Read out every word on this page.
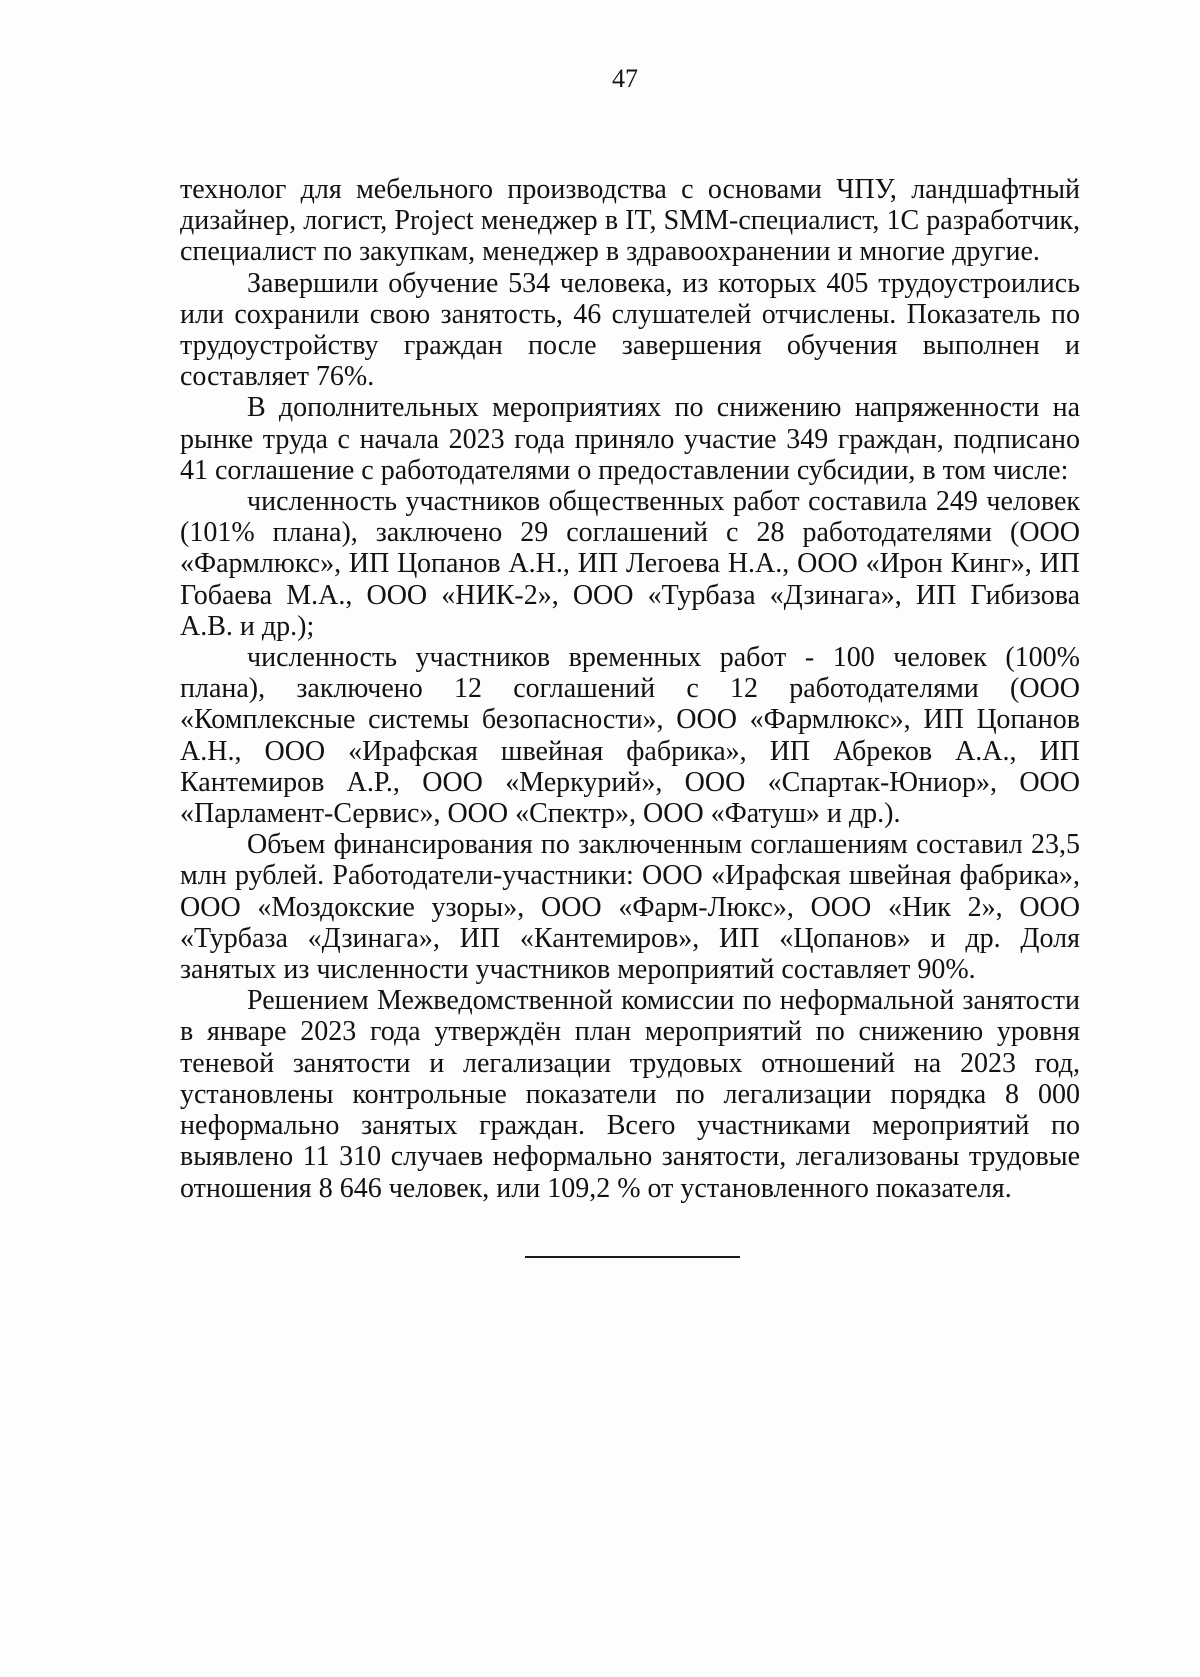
47

технолог для мебельного производства с основами ЧПУ, ландшафтный дизайнер, логист, Project менеджер в IT, SMM-специалист, 1С разработчик, специалист по закупкам, менеджер в здравоохранении и многие другие.

Завершили обучение 534 человека, из которых 405 трудоустроились или сохранили свою занятость, 46 слушателей отчислены. Показатель по трудоустройству граждан после завершения обучения выполнен и составляет 76%.

В дополнительных мероприятиях по снижению напряженности на рынке труда с начала 2023 года приняло участие 349 граждан, подписано 41 соглашение с работодателями о предоставлении субсидии, в том числе:

численность участников общественных работ составила 249 человек (101% плана), заключено 29 соглашений с 28 работодателями (ООО «Фармлюкс», ИП Цопанов А.Н., ИП Легоева Н.А., ООО «Ирон Кинг», ИП Гобаева М.А., ООО «НИК-2», ООО «Турбаза «Дзинага», ИП Гибизова А.В. и др.);

численность участников временных работ - 100 человек (100% плана), заключено 12 соглашений с 12 работодателями (ООО «Комплексные системы безопасности», ООО «Фармлюкс», ИП Цопанов А.Н., ООО «Ирафская швейная фабрика», ИП Абреков А.А., ИП Кантемиров А.Р., ООО «Меркурий», ООО «Спартак-Юниор», ООО «Парламент-Сервис», ООО «Спектр», ООО «Фатуш» и др.).

Объем финансирования по заключенным соглашениям составил 23,5 млн рублей. Работодатели-участники: ООО «Ирафская швейная фабрика», ООО «Моздокские узоры», ООО «Фарм-Люкс», ООО «Ник 2», ООО «Турбаза «Дзинага», ИП «Кантемиров», ИП «Цопанов» и др. Доля занятых из численности участников мероприятий составляет 90%.

Решением Межведомственной комиссии по неформальной занятости в январе 2023 года утверждён план мероприятий по снижению уровня теневой занятости и легализации трудовых отношений на 2023 год, установлены контрольные показатели по легализации порядка 8 000 неформально занятых граждан. Всего участниками мероприятий по выявлено 11 310 случаев неформально занятости, легализованы трудовые отношения 8 646 человек, или 109,2 % от установленного показателя.
